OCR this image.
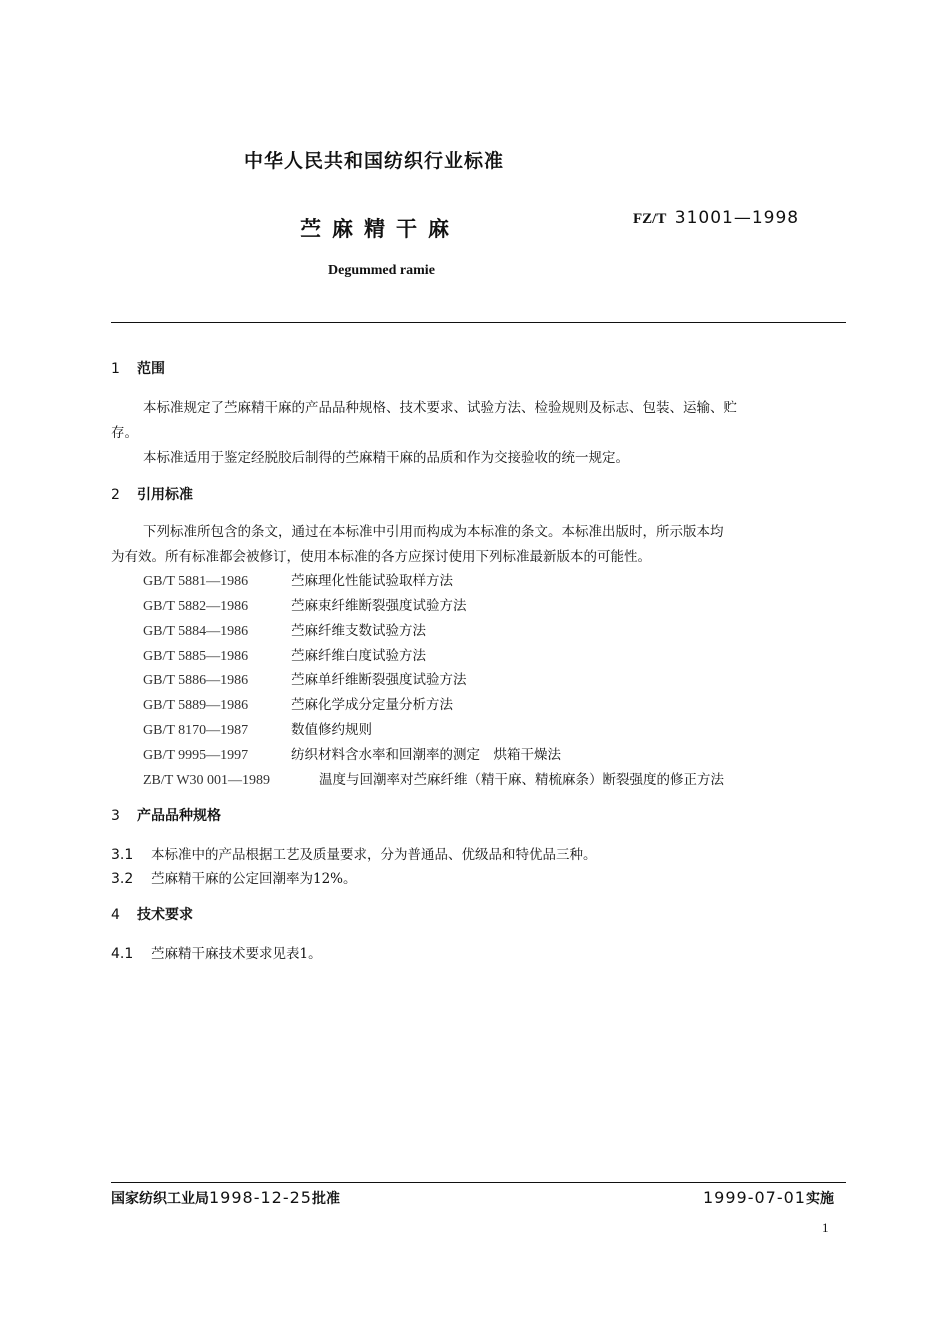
中华人民共和国纺织行业标准
苎麻精干麻	FZ/T 31001—1998
Degummed ramie
1 范围
本标准规定了苎麻精干麻的产品品种规格、技术要求、试验方法、检验规则及标志、包装、运输、贮
存。
本标准适用于鉴定经脱胶后制得的苎麻精干麻的品质和作为交接验收的统一规定。
2 引用标准
下列标准所包含的条文，通过在本标准中引用而构成为本标准的条文。本标准出版时，所示版本均
为有效。所有标准都会被修订，使用本标准的各方应探讨使用下列标准最新版本的可能性。
GB/T 5881—1986	苎麻理化性能试验取样方法
GB/T 5882—1986	苎麻束纤维断裂强度试验方法
GB/T 5884—1986	苎麻纤维支数试验方法
GB/T 5885—1986	苎麻纤维白度试验方法
GB/T 5886—1986	苎麻单纤维断裂强度试验方法
GB/T 5889—1986	苎麻化学成分定量分析方法
GB/T 8170—1987	数值修约规则
GB/T 9995—1997	纺织材料含水率和回潮率的测定　烘箱干燥法
ZB/T W30 001—1989	温度与回潮率对苎麻纤维（精干麻、精梳麻条）断裂强度的修正方法
3 产品品种规格
3.1 本标准中的产品根据工艺及质量要求，分为普通品、优级品和特优品三种。
3.2 苎麻精干麻的公定回潮率为12%。
4 技术要求
4.1 苎麻精干麻技术要求见表1。
国家纺织工业局1998-12-25批准	1999-07-01实施
1
